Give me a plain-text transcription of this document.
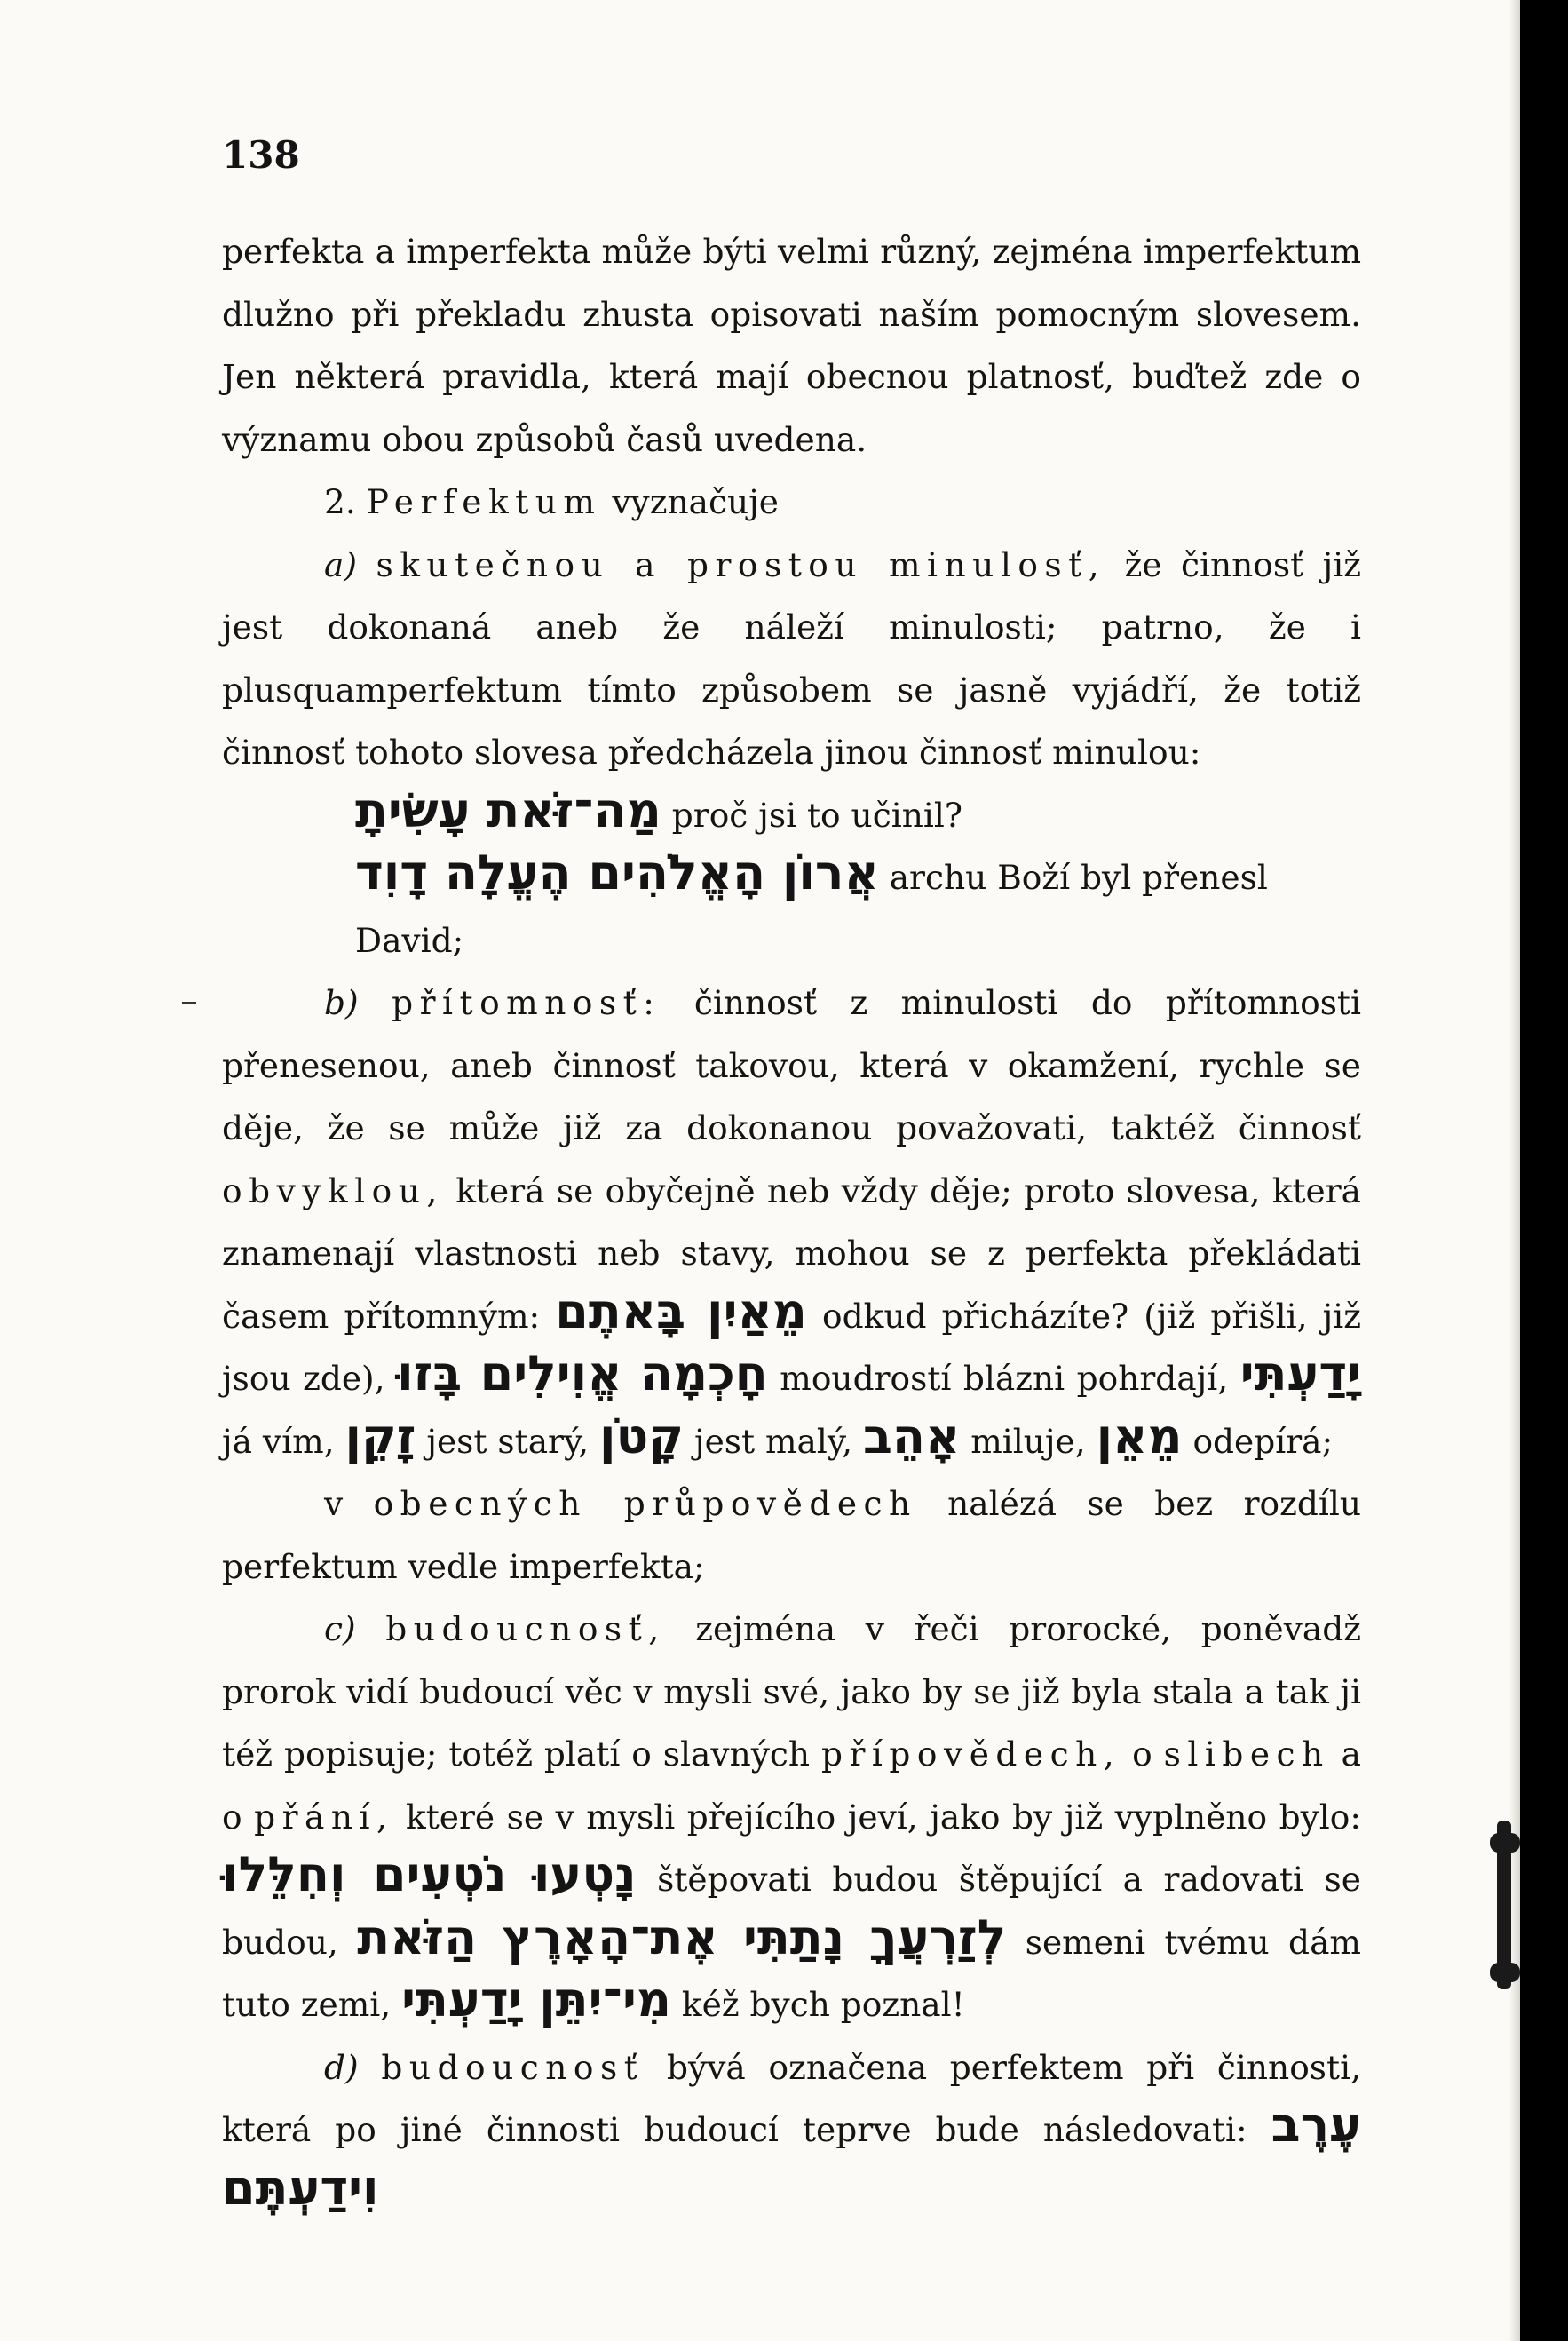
138

perfekta a imperfekta může býti velmi různý, zejména imperfektum dlužno při překladu zhusta opisovati naším pomocným slovesem. Jen některá pravidla, která mají obecnou platnosť, buďtež zde o významu obou způsobů časů uvedena.

2. Perfektum vyznačuje

a) skutečnou a prostou minulosť, že činnosť již jest dokonaná aneb že náleží minulosti; patrno, že i plusquamperfektum tímto způsobem se jasně vyjádří, že totiž činnosť tohoto slovesa předcházela jinou činnosť minulou:

מַה־זֹּאת עָשִׂיתָ proč jsi to učinil?

אֲרוֹן הָאֱלֹהִים הֶעֱלָה דָוִד archu Boží byl přenesl David;

b) přítomnosť: činnosť z minulosti do přítomnosti přenesenou, aneb činnosť takovou, která v okamžení, rychle se děje, že se může již za dokonanou považovati, taktéž činnosť obvyklou, která se obyčejně neb vždy děje; proto slovesa, která znamenají vlastnosti neb stavy, mohou se z perfekta překládati časem přítomným: מֵאַיִן בָּאתֶם odkud přicházíte? (již přišli, již jsou zde), חָכְמָה אֱוִילִים בָּזוּ moudrostí blázni pohrdají, יָדַעְתִּי já vím, זָקֵן jest starý, קָטֹן jest malý, אָהֵב miluje, מֵאֵן odepírá;

v obecných průpovědech nalézá se bez rozdílu perfektum vedle imperfekta;

c) budoucnosť, zejména v řeči prorocké, poněvadž prorok vidí budoucí věc v mysli své, jako by se již byla stala a tak ji též popisuje; totéž platí o slavných přípovědech, o slibech a o přání, které se v mysli přejícího jeví, jako by již vyplněno bylo: נָטְעוּ נֹטְעִים וְחִלֵּלוּ štěpovati budou štěpující a radovati se budou, לְזַרְעֲךָ נָתַתִּי אֶת־הָאָרֶץ הַזֹּאת semeni tvému dám tuto zemi, מִי־יִתֵּן יָדַעְתִּי kéž bych poznal!

d) budoucnosť bývá označena perfektem při činnosti, která po jiné činnosti budoucí teprve bude následovati: עֶרֶב וִידַעְתֶּם
